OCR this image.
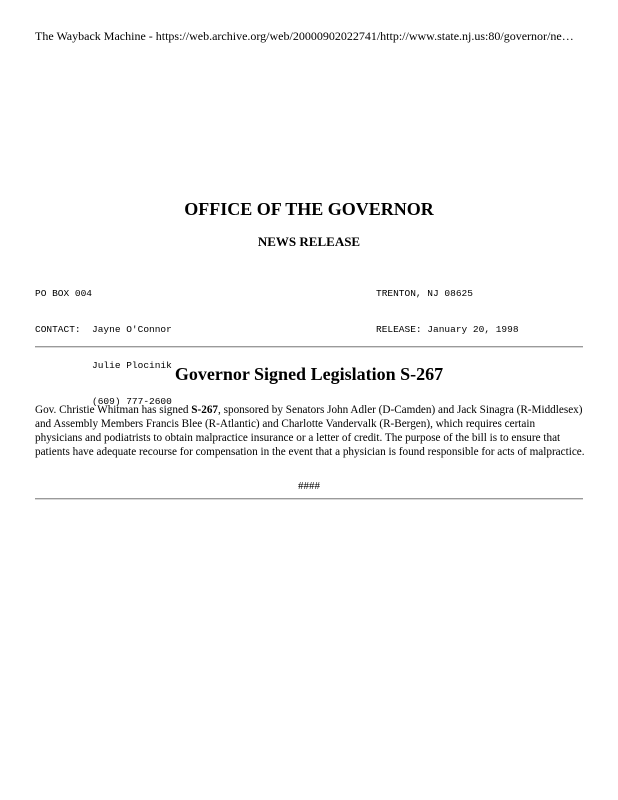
The Wayback Machine - https://web.archive.org/web/20000902022741/http://www.state.nj.us:80/governor/ne…
OFFICE OF THE GOVERNOR
NEWS RELEASE

PO BOX 004

CONTACT:  Jayne O'Connor

Julie Plocinik

(609) 777-2600

TRENTON, NJ 08625

RELEASE: January 20, 1998

Governor Signed Legislation S-267
Gov. Christie Whitman has signed S-267, sponsored by Senators John Adler (D-Camden) and Jack Sinagra (R-Middlesex) and Assembly Members Francis Blee (R-Atlantic) and Charlotte Vandervalk (R-Bergen), which requires certain physicians and podiatrists to obtain malpractice insurance or a letter of credit. The purpose of the bill is to ensure that patients have adequate recourse for compensation in the event that a physician is found responsible for acts of malpractice.
####
